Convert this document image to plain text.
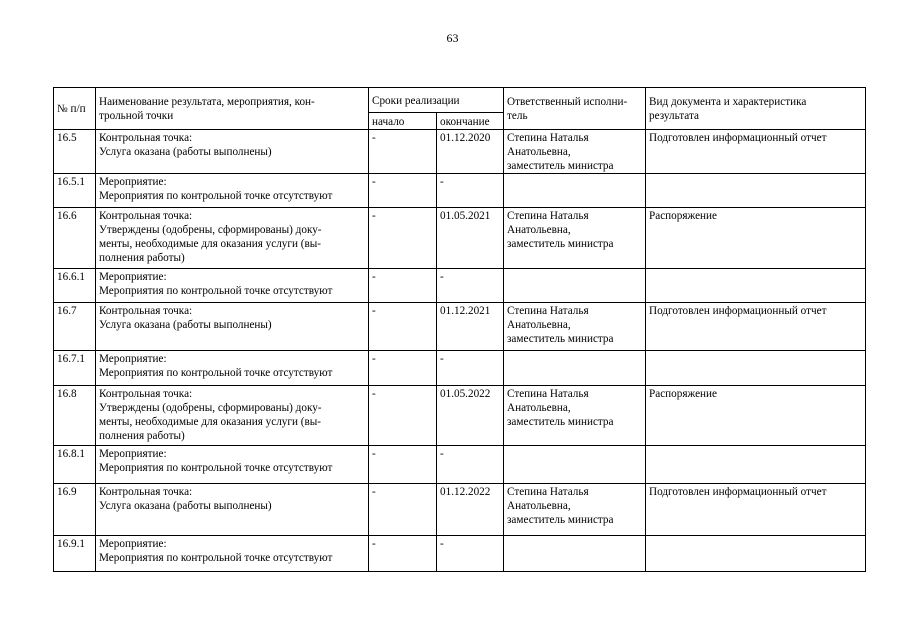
63
№ п/п	Наименование результата, мероприятия, кон-
трольной точки	Сроки реализации		Ответственный исполни-
тель	Вид документа и характеристика
результата

		начало	окончание		

16.5	Контрольная точка:
Услуга оказана (работы выполнены)	-	01.12.2020	Степина Наталья
Анатольевна,
заместитель министра	Подготовлен информационный отчет

16.5.1	Мероприятие:
Мероприятия по контрольной точке отсутствуют	-	-	

16.6	Контрольная точка:
Утверждены (одобрены, сформированы) доку-
менты, необходимые для оказания услуги (вы-
полнения работы)	-	01.05.2021	Степина Наталья
Анатольевна,
заместитель министра	Распоряжение

16.6.1	Мероприятие:
Мероприятия по контрольной точке отсутствуют	-	-	

16.7	Контрольная точка:
Услуга оказана (работы выполнены)	-	01.12.2021	Степина Наталья
Анатольевна,
заместитель министра	Подготовлен информационный отчет

16.7.1	Мероприятие:
Мероприятия по контрольной точке отсутствуют	-	-	

16.8	Контрольная точка:
Утверждены (одобрены, сформированы) доку-
менты, необходимые для оказания услуги (вы-
полнения работы)	-	01.05.2022	Степина Наталья
Анатольевна,
заместитель министра	Распоряжение

16.8.1	Мероприятие:
Мероприятия по контрольной точке отсутствуют	-	-	

16.9	Контрольная точка:
Услуга оказана (работы выполнены)	-	01.12.2022	Степина Наталья
Анатольевна,
заместитель министра	Подготовлен информационный отчет

16.9.1	Мероприятие:
Мероприятия по контрольной точке отсутствуют	-	-	
